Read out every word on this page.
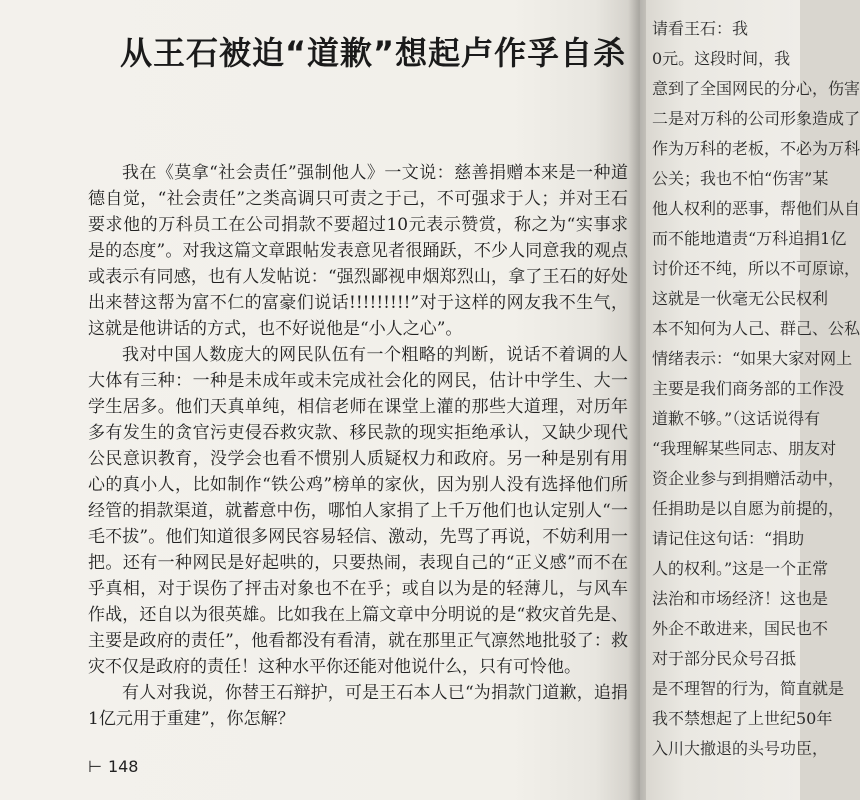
从王石被迫“道歉”想起卢作孚自杀

我在《莫拿“社会责任”强制他人》一文说：慈善捐赠本来是一种道德自觉，“社会责任”之类高调只可责之于己，不可强求于人；并对王石要求他的万科员工在公司捐款不要超过10元表示赞赏，称之为“实事求是的态度”。对我这篇文章跟帖发表意见者很踊跃，不少人同意我的观点或表示有同感，也有人发帖说：“强烈鄙视申烟郑烈山，拿了王石的好处出来替这帮为富不仁的富豪们说话!!!!!!!!!”对于这样的网友我不生气，这就是他讲话的方式，也不好说他是“小人之心”。

我对中国人数庞大的网民队伍有一个粗略的判断，说话不着调的人大体有三种：一种是未成年或未完成社会化的网民，估计中学生、大一学生居多。他们天真单纯，相信老师在课堂上灌的那些大道理，对历年多有发生的贪官污吏侵吞救灾款、移民款的现实拒绝承认，又缺少现代公民意识教育，没学会也看不惯别人质疑权力和政府。另一种是别有用心的真小人，比如制作“铁公鸡”榜单的家伙，因为别人没有选择他们所经管的捐款渠道，就蓄意中伤，哪怕人家捐了上千万他们也认定别人“一毛不拔”。他们知道很多网民容易轻信、激动，先骂了再说，不妨利用一把。还有一种网民是好起哄的，只要热闹，表现自己的“正义感”而不在乎真相，对于误伤了抨击对象也不在乎；或自以为是的轻薄儿，与风车作战，还自以为很英雄。比如我在上篇文章中分明说的是“救灾首先是、主要是政府的责任”，他看都没有看清，就在那里正气凛然地批驳了：救灾不仅是政府的责任！这种水平你还能对他说什么，只有可怜他。

有人对我说，你替王石辩护，可是王石本人已“为捐款门道歉，追捐1亿元用于重建”，你怎解？

⊢ 148
请看王石：我
0元。这段时间，我
意到了全国网民的分心，伤害
二是对万科的公司形象造成了
作为万科的老板，不必为万科
公关；我也不怕“伤害”某
他人权利的恶事，帮他们从自
而不能地遣责“万科追捐1亿
讨价还不纯，所以不可原谅，
这就是一伙毫无公民权利
本不知何为人己、群己、公私
情绪表示：“如果大家对网上
主要是我们商务部的工作没
道歉不够。”（这话说得有
“我理解某些同志、朋友对
资企业参与到捐赠活动中，
任捐助是以自愿为前提的，
请记住这句话：“捐助
人的权利。”这是一个正常
法治和市场经济！这也是
外企不敢进来，国民也不
对于部分民众号召抵
是不理智的行为，简直就是
我不禁想起了上世纪50年
入川大撤退的头号功臣，
